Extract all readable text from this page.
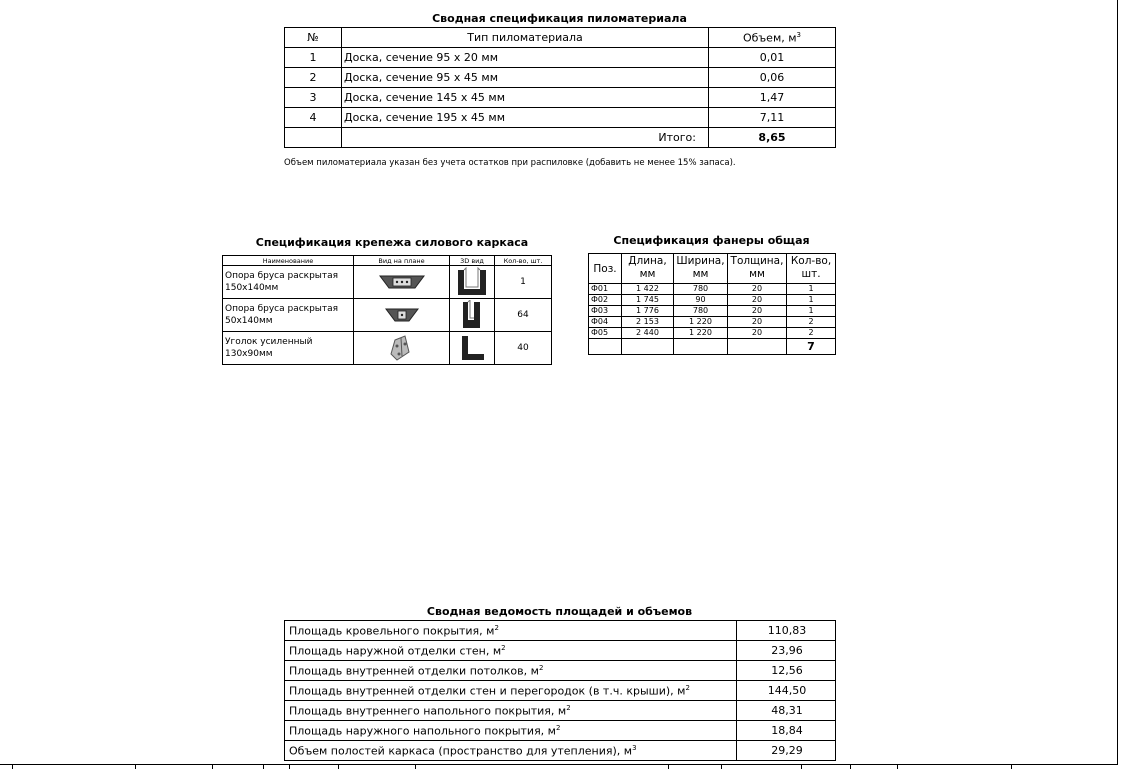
Сводная спецификация пиломатериала
№	Тип пиломатериала	Объем, $м^3$
1	Доска, сечение 95 х 20 мм	0,01
2	Доска, сечение 95 х 45 мм	0,06
3	Доска, сечение 145 х 45 мм	1,47
4	Доска, сечение 195 х 45 мм	7,11
	Итого:	8,65
Объем пиломатериала указан без учета остатков при распиловке (добавить не менее 15% запаса).
Спецификация крепежа силового каркаса
Наименование	Вид на плане	3D вид	Кол-во, шт.
Опора бруса раскрытая 150х140мм			1
Опора бруса раскрытая 50х140мм			64
Уголок усиленный 130х90мм			40
Спецификация фанеры общая
Поз.	Длина, мм	Ширина, мм	Толщина, мм	Кол-во, шт.
Ф01	1 422	780	20	1
Ф02	1 745	90	20	1
Ф03	1 776	780	20	1
Ф04	2 153	1 220	20	2
Ф05	2 440	1 220	20	2
				7
Сводная ведомость площадей и объемов
Площадь кровельного покрытия, $м^2$	110,83
Площадь наружной отделки стен, $м^2$	23,96
Площадь внутренней отделки потолков, $м^2$	12,56
Площадь внутренней отделки стен и перегородок (в т.ч. крыши), $м^2$	144,50
Площадь внутреннего напольного покрытия, $м^2$	48,31
Площадь наружного напольного покрытия, $м^2$	18,84
Объем полостей каркаса (пространство для утепления), $м^3$	29,29
